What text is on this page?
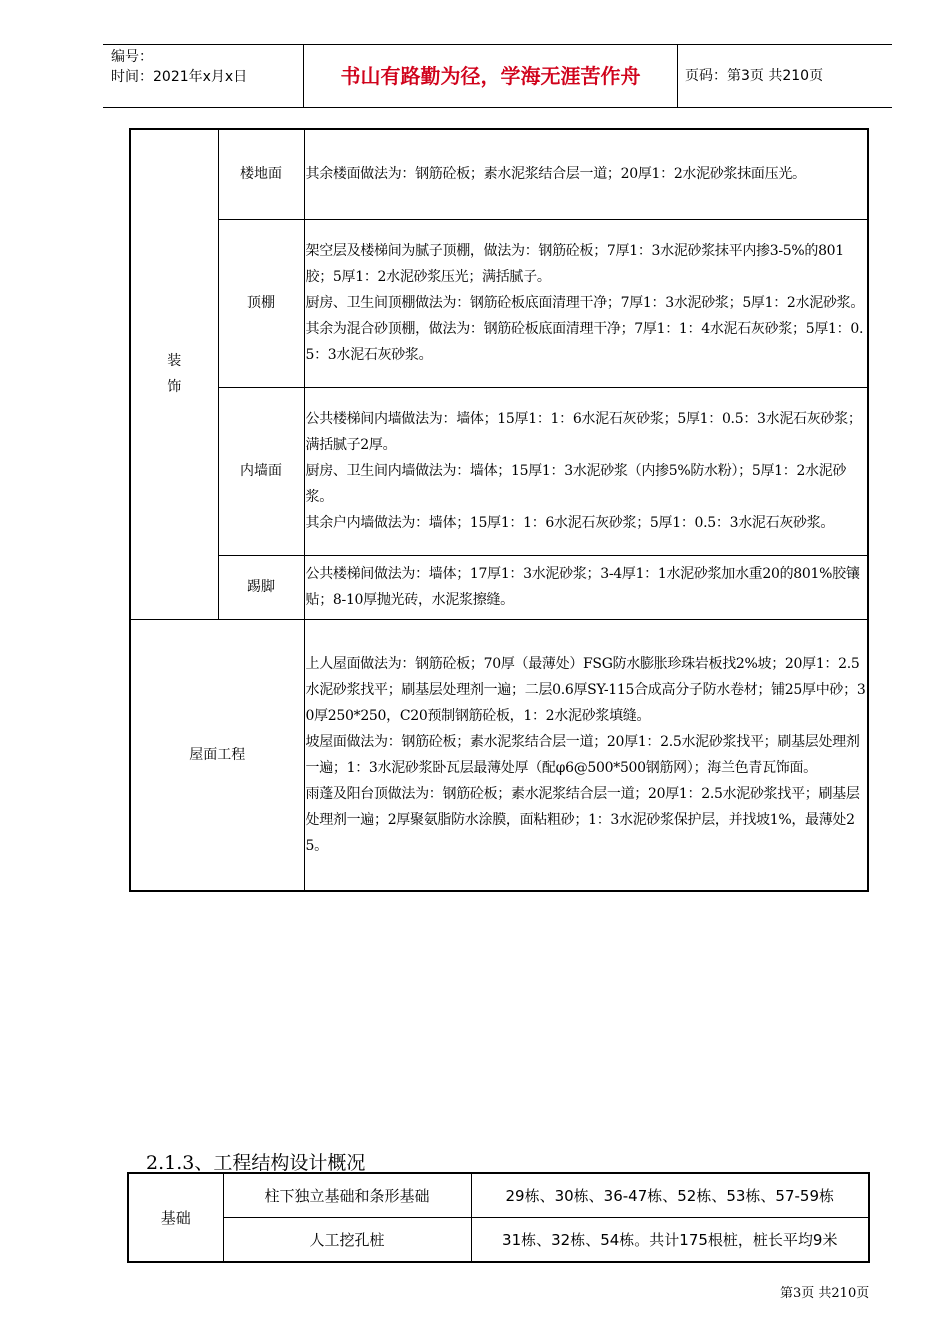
编号：
时间：2021年x月x日	书山有路勤为径，学海无涯苦作舟	页码：第3页 共210页
装
饰	楼地面	其余楼面做法为：钢筋砼板；素水泥浆结合层一道；20厚1：2水泥砂浆抹面压光。

	顶棚	架空层及楼梯间为腻子顶棚，做法为：钢筋砼板；7厚1：3水泥砂浆抹平内掺3-5%的801胶；5厚1：2水泥砂浆压光；满括腻子。

厨房、卫生间顶棚做法为：钢筋砼板底面清理干净；7厚1：3水泥砂浆；5厚1：2水泥砂浆。

其余为混合砂顶棚，做法为：钢筋砼板底面清理干净；7厚1：1：4水泥石灰砂浆；5厚1：0.5：3水泥石灰砂浆。

	内墙面	公共楼梯间内墙做法为：墙体；15厚1：1：6水泥石灰砂浆；5厚1：0.5：3水泥石灰砂浆；满括腻子2厚。

厨房、卫生间内墙做法为：墙体；15厚1：3水泥砂浆（内掺5%防水粉）；5厚1：2水泥砂浆。

其余户内墙做法为：墙体；15厚1：1：6水泥石灰砂浆；5厚1：0.5：3水泥石灰砂浆。

	踢脚	公共楼梯间做法为：墙体；17厚1：3水泥砂浆；3-4厚1：1水泥砂浆加水重20的801%胶镶贴；8-10厚抛光砖，水泥浆擦缝。

屋面工程		上人屋面做法为：钢筋砼板；70厚（最薄处）FSG防水膨胀珍珠岩板找2%坡；20厚1：2.5水泥砂浆找平；刷基层处理剂一遍；二层0.6厚SY-115合成高分子防水卷材；铺25厚中砂；30厚250*250，C20预制钢筋砼板，1：2水泥砂浆填缝。

坡屋面做法为：钢筋砼板；素水泥浆结合层一道；20厚1：2.5水泥砂浆找平；刷基层处理剂一遍；1：3水泥砂浆卧瓦层最薄处厚（配φ6@500*500钢筋网）；海兰色青瓦饰面。

雨蓬及阳台顶做法为：钢筋砼板；素水泥浆结合层一道；20厚1：2.5水泥砂浆找平；刷基层处理剂一遍；2厚聚氨脂防水涂膜，面粘粗砂；1：3水泥砂浆保护层，并找坡1%，最薄处25。

2.1.3、工程结构设计概况
基础	柱下独立基础和条形基础	29栋、30栋、36-47栋、52栋、53栋、57-59栋
	人工挖孔桩	31栋、32栋、54栋。共计175根桩，桩长平均9米
第3页 共210页
